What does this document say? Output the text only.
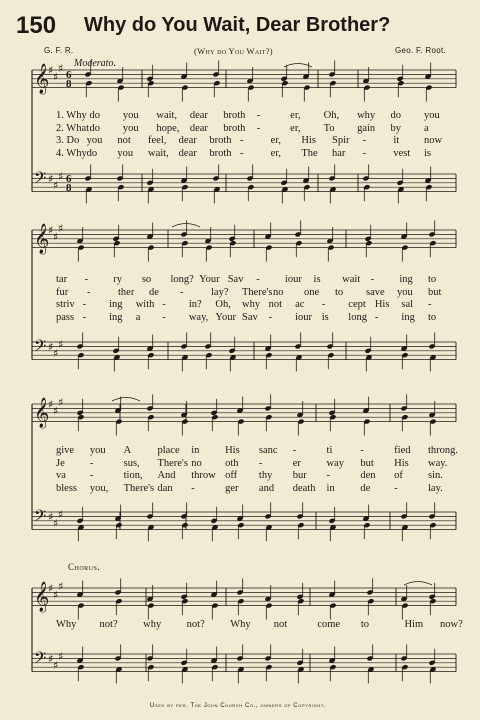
150 Why do You Wait, Dear Brother?
G. F. R.	(Why do You Wait?)	Geo. F. Root.
Moderato.
Chorus.
𝄞
𝄢
♯
♯
♯
♯
♯
♯
6
8
6
8
𝄞
𝄢
♯
♯
♯
♯
♯
♯
𝄞
𝄢
♯
♯
♯
♯
♯
♯
𝄞
𝄢
♯
♯
♯
♯
♯
♯
1. Why do you wait, dear broth -	er, Oh, why do you
2. What do you hope, dear broth -	er, To gain by a
3. Do you not feel, dear broth -	er, His Spir -	it now
4. Why do you wait, dear broth -	er, The har -	vest is
tar - ry so long? Your Sav - iour is wait - ing to
fur -	ther de -	lay? There's no one to save you but
striv - ing with - in? Oh, why not ac - cept His sal -
pass - ing a - way, Your Sav - iour is long - ing to
give you A place in His sanc -	ti	-	fied throng.
Je -	sus, There's no oth -	er way but His way.
va -	tion, And throw off thy bur -	den of sin.
bless you, There's dan -	ger and death in de -	lay.
Why not? why not? Why not	come to	Him now?
Used by per. The John Church Co., owners of Copyright.
